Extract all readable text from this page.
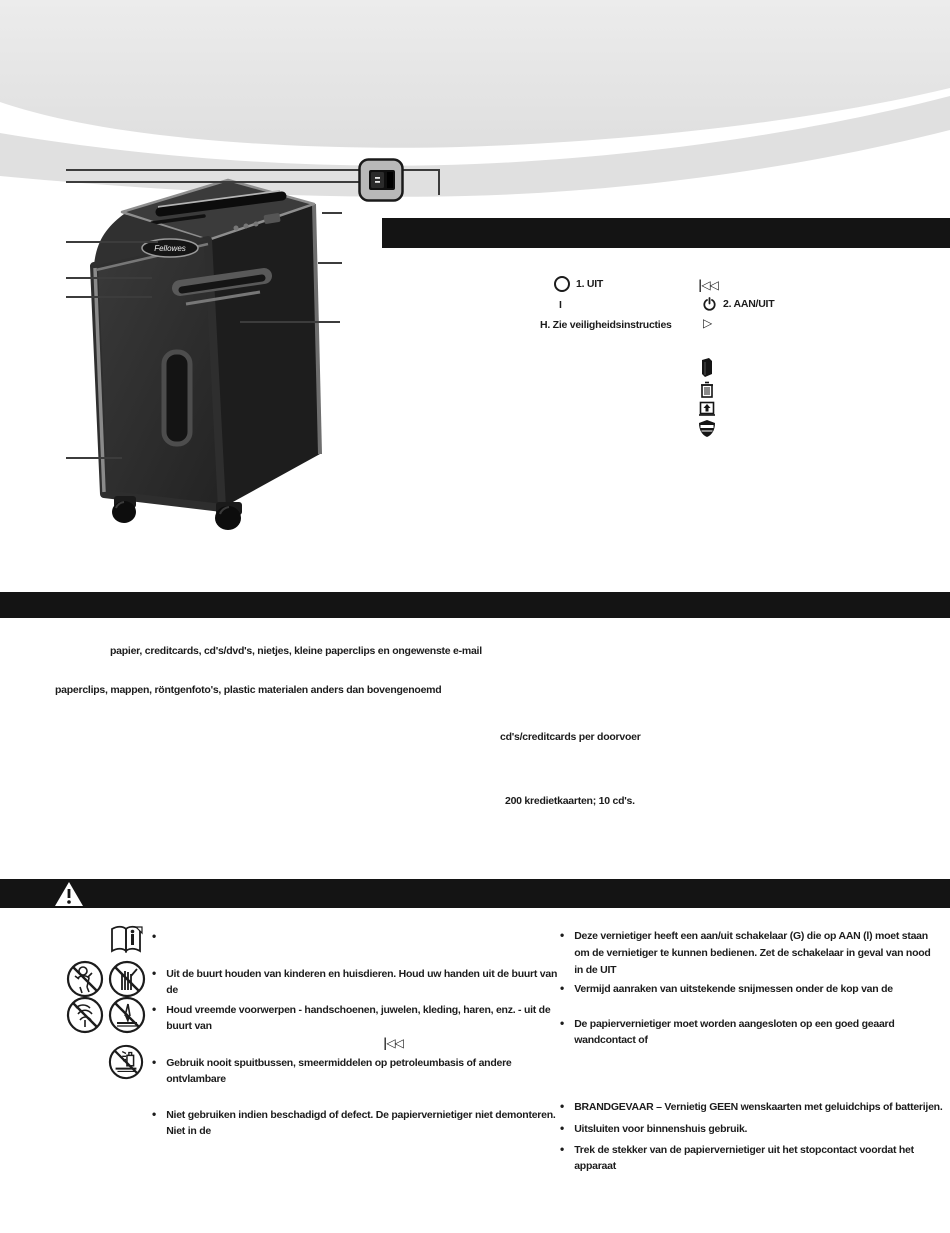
Fellowes
1. UIT
I
H. Zie veiligheidsinstructies
|◁◁
2. AAN/UIT
▷
papier, creditcards, cd's/dvd's, nietjes, kleine paperclips en ongewenste e-mail
paperclips, mappen, röntgenfoto's, plastic materialen anders dan bovengenoemd
cd's/creditcards per doorvoer
200 kredietkaarten; 10 cd's.
•
• Uit de buurt houden van kinderen en huisdieren. Houd uw handen uit de buurt van de
• Houd vreemde voorwerpen - handschoenen, juwelen, kleding, haren, enz. - uit de buurt van
|◁◁
• Gebruik nooit spuitbussen, smeermiddelen op petroleumbasis of andere ontvlambare
• Niet gebruiken indien beschadigd of defect. De papiervernietiger niet demonteren. Niet in de
• Deze vernietiger heeft een aan/uit schakelaar (G) die op AAN (l) moet staan om de vernietiger te kunnen bedienen. Zet de schakelaar in geval van nood in de UIT
• Vermijd aanraken van uitstekende snijmessen onder de kop van de
• De papiervernietiger moet worden aangesloten op een goed geaard wandcontact of
• BRANDGEVAAR – Vernietig GEEN wenskaarten met geluidchips of batterijen.
• Uitsluiten voor binnenshuis gebruik.
• Trek de stekker van de papiervernietiger uit het stopcontact voordat het apparaat
